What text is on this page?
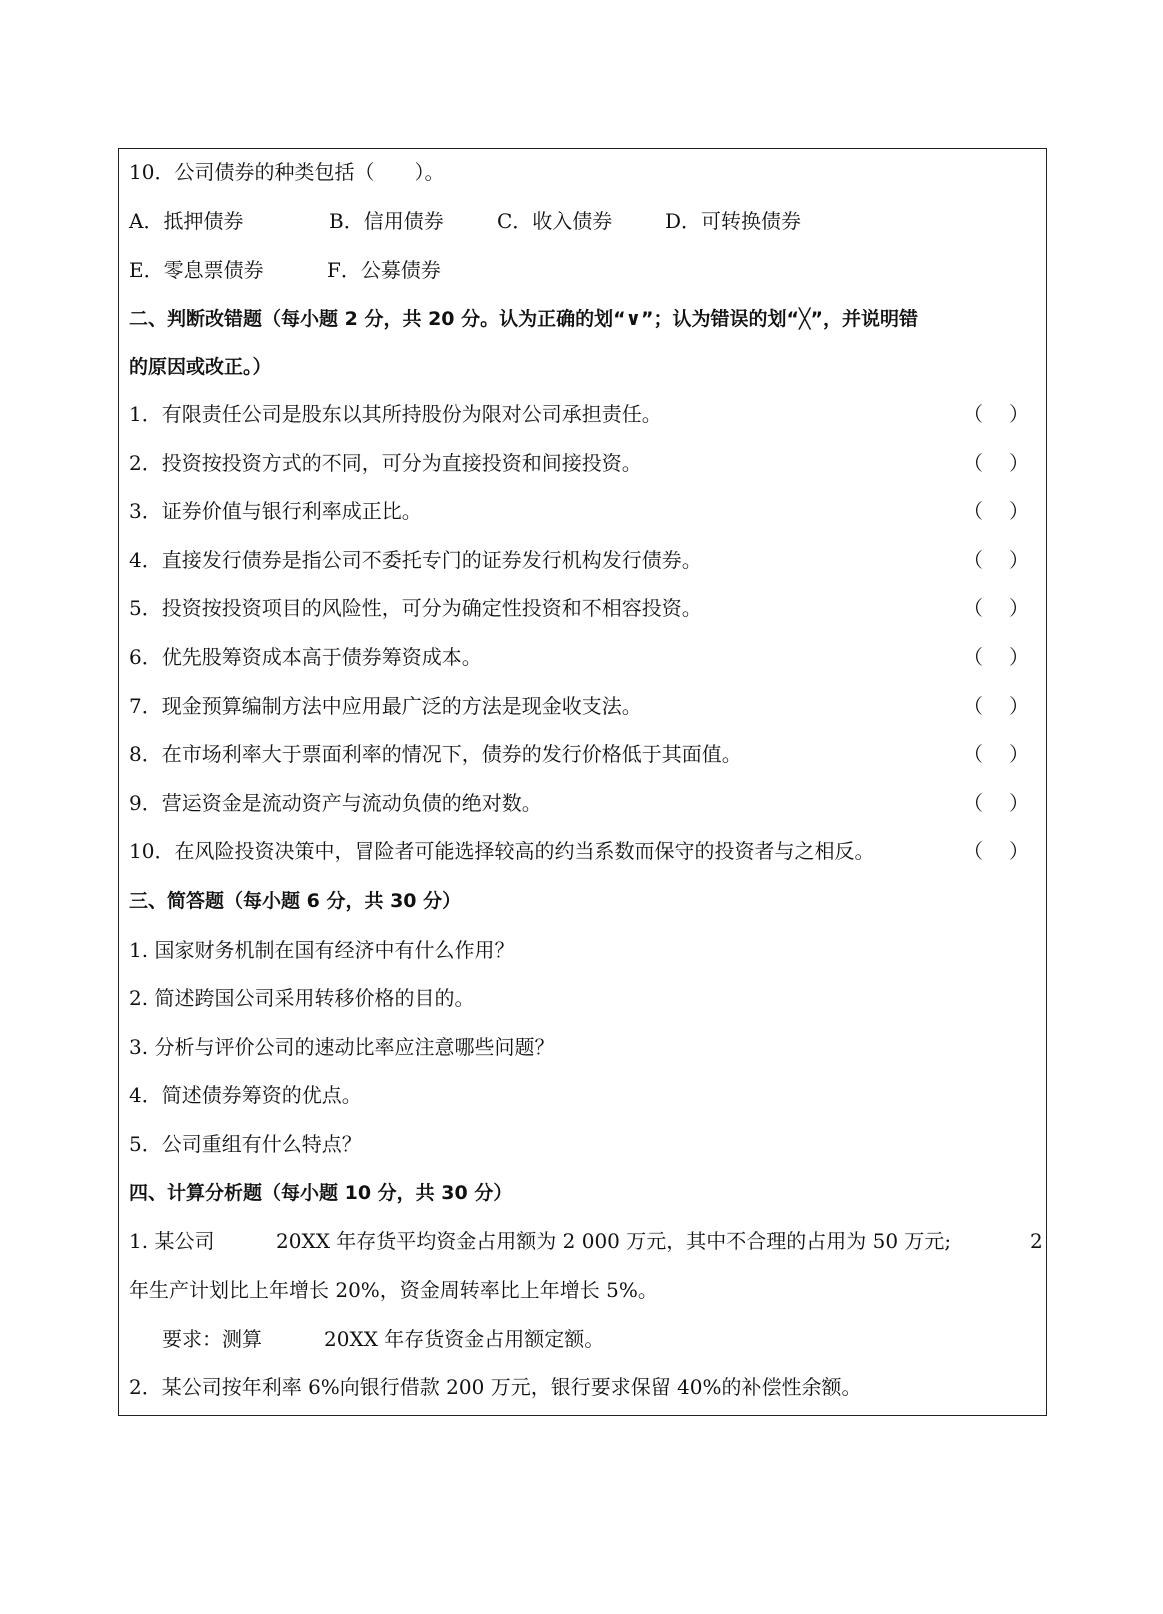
10．公司债券的种类包括（　　）。
A．抵押债券	B．信用债券	C．收入债券	D．可转换债券
E．零息票债券	F．公募债券
二、判断改错题（每小题 2 分，共 20 分。认为正确的划“∨”；认为错误的划“╳”，并说明错
的原因或改正。）
1．有限责任公司是股东以其所持股份为限对公司承担责任。	（ ）
2．投资按投资方式的不同，可分为直接投资和间接投资。	（ ）
3．证券价值与银行利率成正比。	（ ）
4．直接发行债券是指公司不委托专门的证券发行机构发行债券。	（ ）
5．投资按投资项目的风险性，可分为确定性投资和不相容投资。	（ ）
6．优先股筹资成本高于债券筹资成本。	（ ）
7．现金预算编制方法中应用最广泛的方法是现金收支法。	（ ）
8．在市场利率大于票面利率的情况下，债券的发行价格低于其面值。	（ ）
9．营运资金是流动资产与流动负债的绝对数。	（ ）
10．在风险投资决策中，冒险者可能选择较高的约当系数而保守的投资者与之相反。	（ ）
三、简答题（每小题 6 分，共 30 分）
1. 国家财务机制在国有经济中有什么作用？
2. 简述跨国公司采用转移价格的目的。
3. 分析与评价公司的速动比率应注意哪些问题？
4．简述债券筹资的优点。
5．公司重组有什么特点？
四、计算分析题（每小题 10 分，共 30 分）
1. 某公司	20XX 年存货平均资金占用额为 2 000 万元，其中不合理的占用为 50 万元;	2
年生产计划比上年增长 20%，资金周转率比上年增长 5%。
要求：测算	20XX 年存货资金占用额定额。
2．某公司按年利率 6%向银行借款 200 万元，银行要求保留 40%的补偿性余额。
